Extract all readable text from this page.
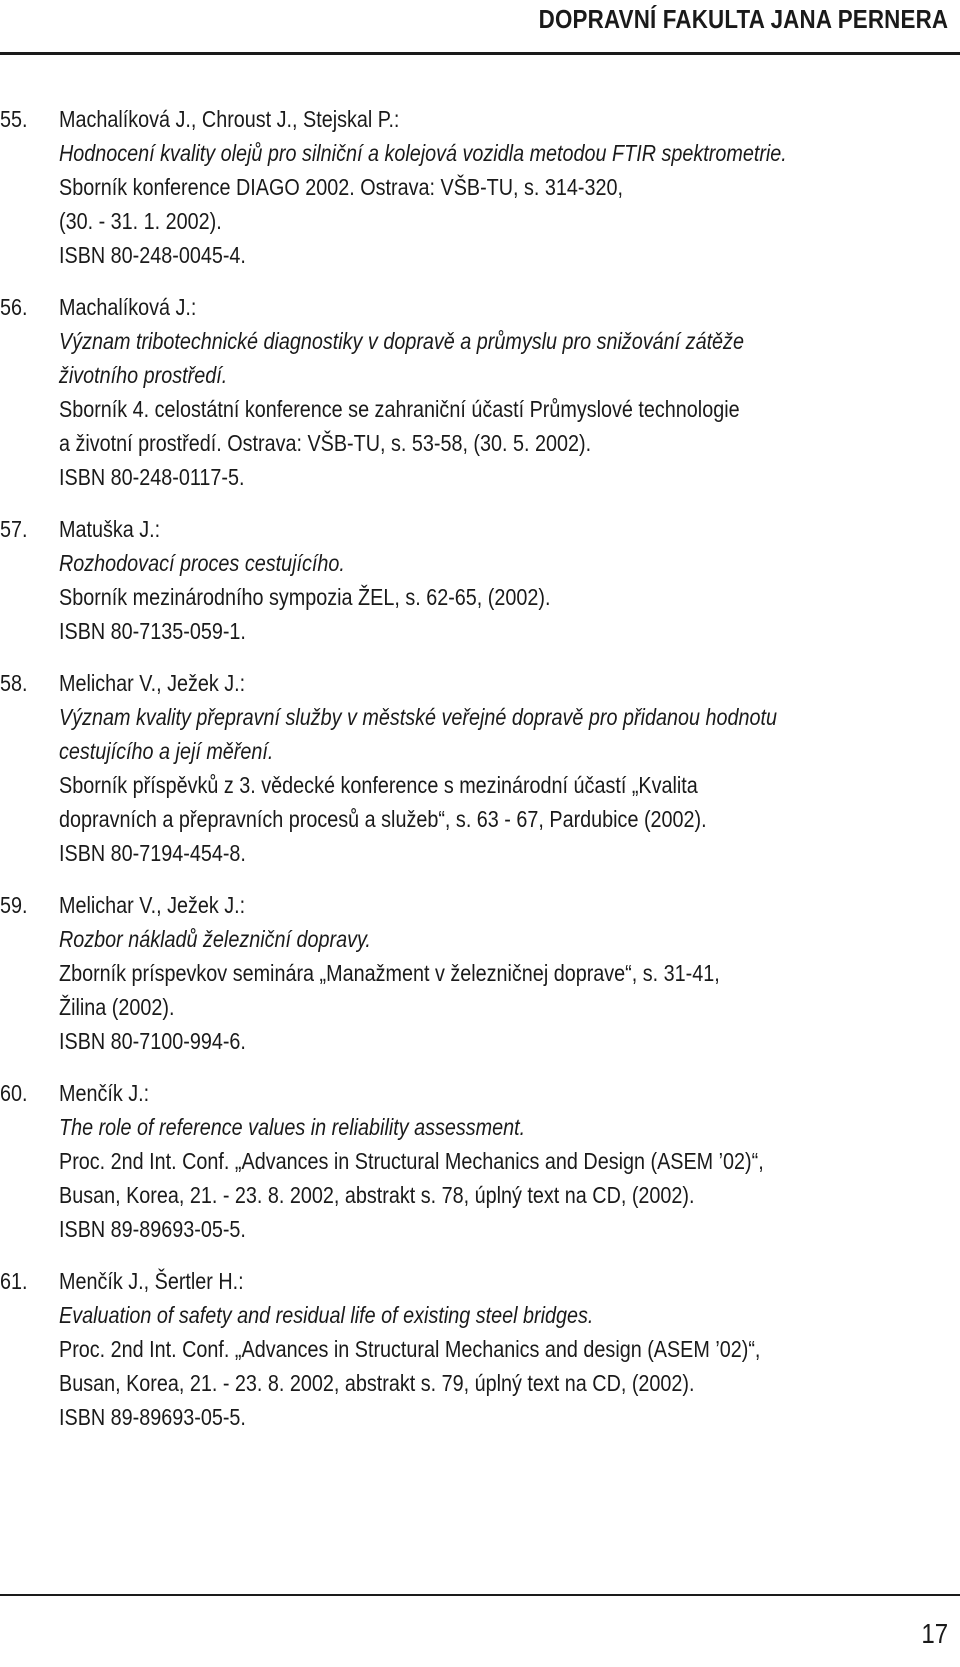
DOPRAVNÍ FAKULTA JANA PERNERA
55. Machalíková J., Chroust J., Stejskal P.:
Hodnocení kvality olejů pro silniční a kolejová vozidla metodou FTIR spektrometrie.
Sborník konference DIAGO 2002. Ostrava: VŠB-TU, s. 314-320,
(30. - 31. 1. 2002).
ISBN 80-248-0045-4.
56. Machalíková J.:
Význam tribotechnické diagnostiky v dopravě a průmyslu pro snižování zátěže
životního prostředí.
Sborník 4. celostátní konference se zahraniční účastí Průmyslové technologie
a životní prostředí. Ostrava: VŠB-TU, s. 53-58, (30. 5. 2002).
ISBN 80-248-0117-5.
57. Matuška J.:
Rozhodovací proces cestujícího.
Sborník mezinárodního sympozia ŽEL, s. 62-65, (2002).
ISBN 80-7135-059-1.
58. Melichar V., Ježek J.:
Význam kvality přepravní služby v městské veřejné dopravě pro přidanou hodnotu
cestujícího a její měření.
Sborník příspěvků z 3. vědecké konference s mezinárodní účastí „Kvalita
dopravních a přepravních procesů a služeb“, s. 63 - 67, Pardubice (2002).
ISBN 80-7194-454-8.
59. Melichar V., Ježek J.:
Rozbor nákladů železniční dopravy.
Zborník príspevkov seminára „Manažment v železničnej doprave“, s. 31-41,
Žilina (2002).
ISBN 80-7100-994-6.
60. Menčík J.:
The role of reference values in reliability assessment.
Proc. 2nd Int. Conf. „Advances in Structural Mechanics and Design (ASEM ’02)“,
Busan, Korea, 21. - 23. 8. 2002, abstrakt s. 78, úplný text na CD, (2002).
ISBN 89-89693-05-5.
61. Menčík J., Šertler H.:
Evaluation of safety and residual life of existing steel bridges.
Proc. 2nd Int. Conf. „Advances in Structural Mechanics and design (ASEM ’02)“,
Busan, Korea, 21. - 23. 8. 2002, abstrakt s. 79, úplný text na CD, (2002).
ISBN 89-89693-05-5.
17
